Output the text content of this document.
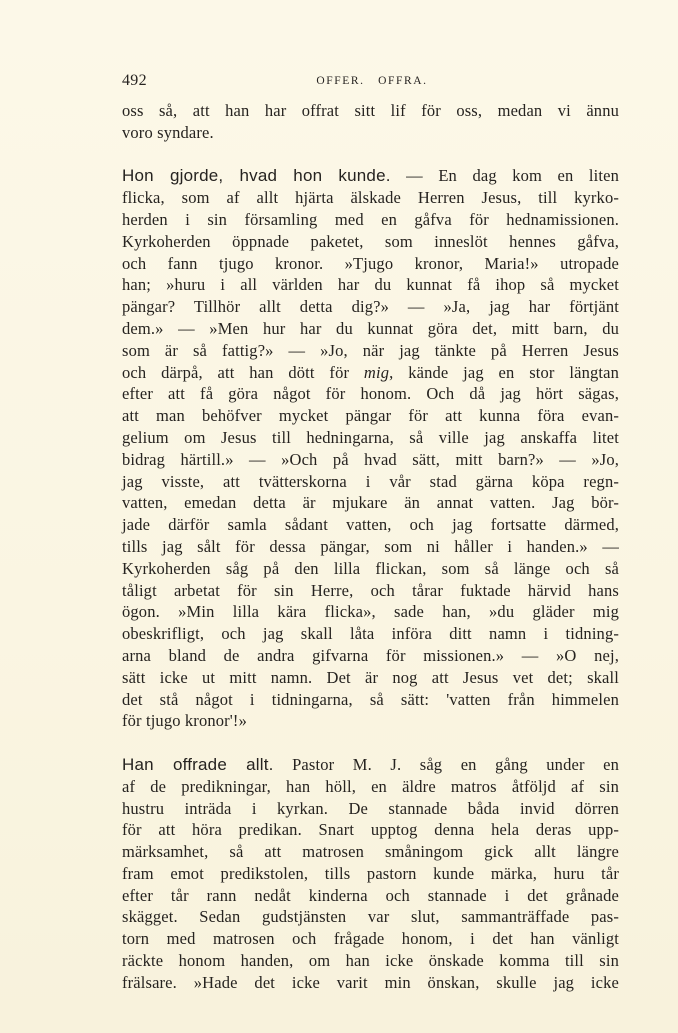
492	OFFER.   OFFRA.
oss så, att han har offrat sitt lif för oss, medan vi ännu
voro syndare.
Hon gjorde, hvad hon kunde. — En dag kom en liten
flicka, som af allt hjärta älskade Herren Jesus, till kyrko-
herden i sin församling med en gåfva för hednamissionen.
Kyrkoherden öppnade paketet, som inneslöt hennes gåfva,
och fann tjugo kronor. »Tjugo kronor, Maria!» utropade
han; »huru i all världen har du kunnat få ihop så mycket
pängar? Tillhör allt detta dig?» — »Ja, jag har förtjänt
dem.» — »Men hur har du kunnat göra det, mitt barn, du
som är så fattig?» — »Jo, när jag tänkte på Herren Jesus
och därpå, att han dött för mig, kände jag en stor längtan
efter att få göra något för honom. Och då jag hört sägas,
att man behöfver mycket pängar för att kunna föra evan-
gelium om Jesus till hedningarna, så ville jag anskaffa litet
bidrag härtill.» — »Och på hvad sätt, mitt barn?» — »Jo,
jag visste, att tvätterskorna i vår stad gärna köpa regn-
vatten, emedan detta är mjukare än annat vatten. Jag bör-
jade därför samla sådant vatten, och jag fortsatte därmed,
tills jag sålt för dessa pängar, som ni håller i handen.» —
Kyrkoherden såg på den lilla flickan, som så länge och så
tåligt arbetat för sin Herre, och tårar fuktade härvid hans
ögon. »Min lilla kära flicka», sade han, »du gläder mig
obeskrifligt, och jag skall låta införa ditt namn i tidning-
arna bland de andra gifvarna för missionen.» — »O nej,
sätt icke ut mitt namn. Det är nog att Jesus vet det; skall
det stå något i tidningarna, så sätt: 'vatten från himmelen
för tjugo kronor'!»
Han offrade allt. Pastor M. J. såg en gång under en
af de predikningar, han höll, en äldre matros åtföljd af sin
hustru inträda i kyrkan. De stannade båda invid dörren
för att höra predikan. Snart upptog denna hela deras upp-
märksamhet, så att matrosen småningom gick allt längre
fram emot predikstolen, tills pastorn kunde märka, huru tår
efter tår rann nedåt kinderna och stannade i det grånade
skägget. Sedan gudstjänsten var slut, sammanträffade pas-
torn med matrosen och frågade honom, i det han vänligt
räckte honom handen, om han icke önskade komma till sin
frälsare. »Hade det icke varit min önskan, skulle jag icke
